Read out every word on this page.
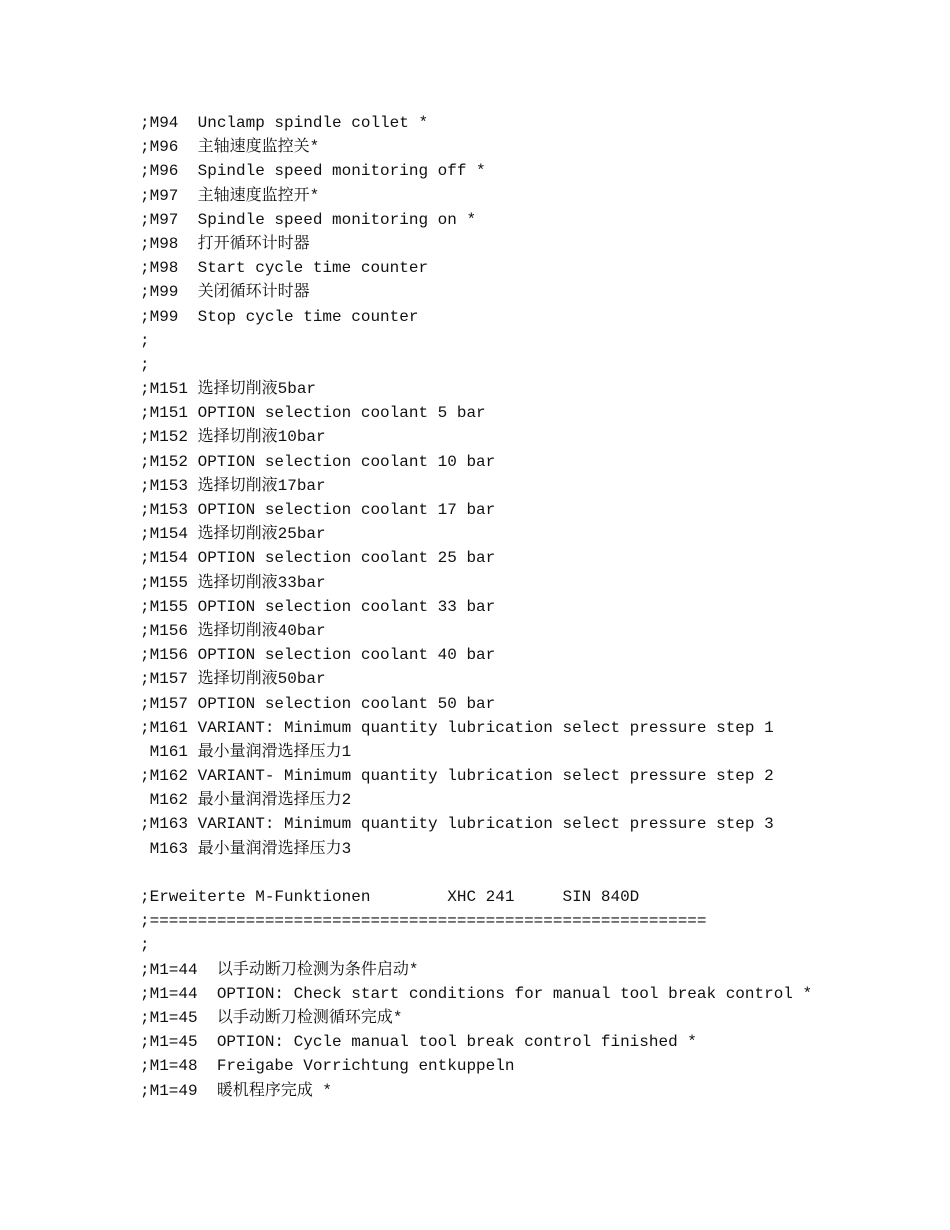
;M94  Unclamp spindle collet *
;M96  主轴速度监控关*
;M96  Spindle speed monitoring off *
;M97  主轴速度监控开*
;M97  Spindle speed monitoring on *
;M98  打开循环计时器
;M98  Start cycle time counter
;M99  关闭循环计时器
;M99  Stop cycle time counter
;
;
;M151 选择切削液5bar
;M151 OPTION selection coolant 5 bar
;M152 选择切削液10bar
;M152 OPTION selection coolant 10 bar
;M153 选择切削液17bar
;M153 OPTION selection coolant 17 bar
;M154 选择切削液25bar
;M154 OPTION selection coolant 25 bar
;M155 选择切削液33bar
;M155 OPTION selection coolant 33 bar
;M156 选择切削液40bar
;M156 OPTION selection coolant 40 bar
;M157 选择切削液50bar
;M157 OPTION selection coolant 50 bar
;M161 VARIANT: Minimum quantity lubrication select pressure step 1
M161 最小量润滑选择压力1
;M162 VARIANT- Minimum quantity lubrication select pressure step 2
M162 最小量润滑选择压力2
;M163 VARIANT: Minimum quantity lubrication select pressure step 3
M163 最小量润滑选择压力3
;Erweiterte M-Funktionen        XHC 241     SIN 840D
;==========================================================
;
;M1=44  以手动断刀检测为条件启动*
;M1=44  OPTION: Check start conditions for manual tool break control *
;M1=45  以手动断刀检测循环完成*
;M1=45  OPTION: Cycle manual tool break control finished *
;M1=48  Freigabe Vorrichtung entkuppeln
;M1=49  暖机程序完成 *
